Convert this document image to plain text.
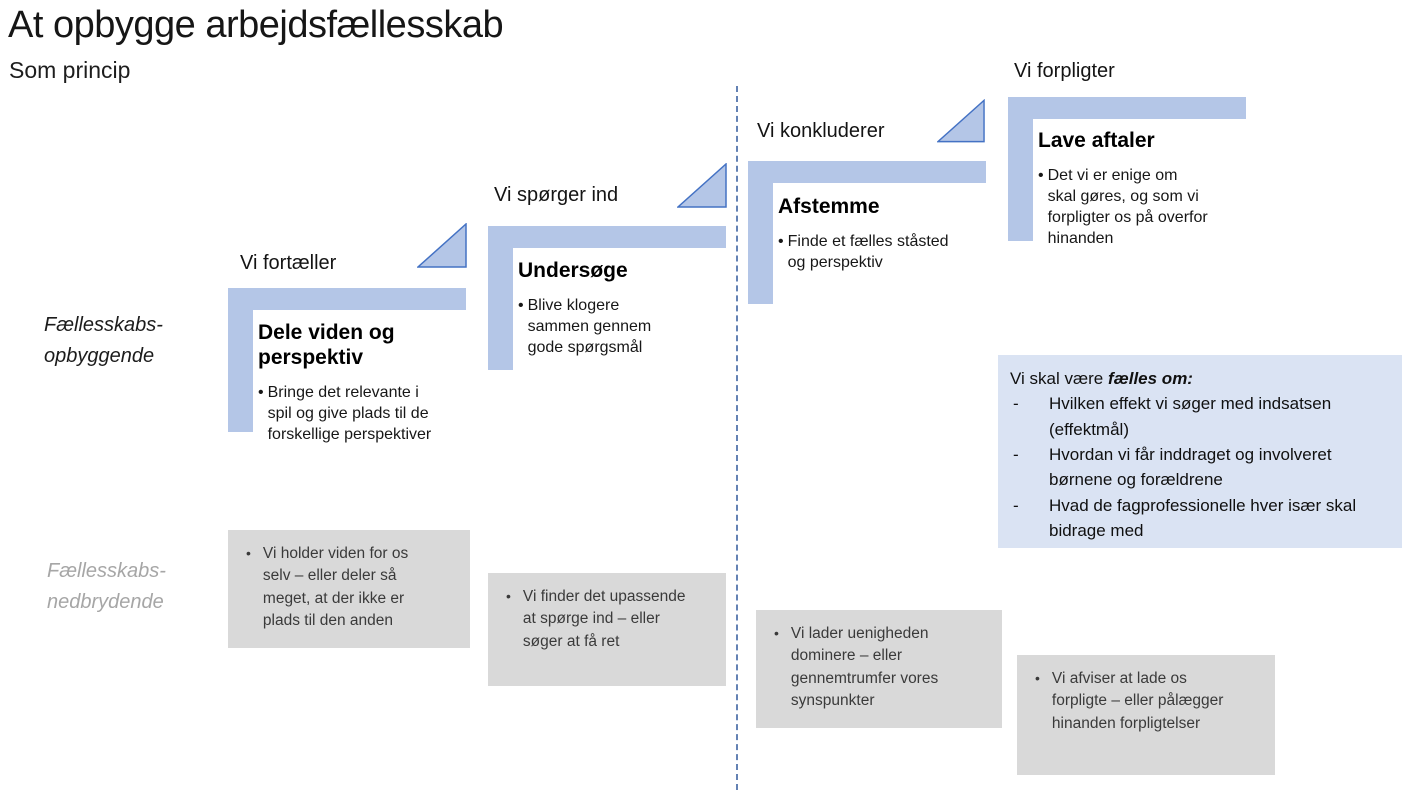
At opbygge arbejdsfællesskab
Som princip
Fællesskabs-
opbyggende
Fællesskabs-
nedbrydende
Vi fortæller
Dele viden og perspektiv
• Bringe det relevante i spil og give plads til de forskellige perspektiver
Vi spørger ind
Undersøge
• Blive klogere sammen gennem gode spørgsmål
Vi konkluderer
Afstemme
• Finde et fælles ståsted og perspektiv
Vi forpligter
Lave aftaler
• Det vi er enige om skal gøres, og som vi forpligter os på overfor hinanden
• Vi holder viden for os selv – eller deler så meget, at der ikke er plads til den anden
• Vi finder det upassende at spørge ind – eller søger at få ret	• Vi lader uenigheden dominere – eller gennemtrumfer vores synspunkter
• Vi afviser at lade os forpligte – eller pålægger hinanden forpligtelser
Vi skal være fælles om:
-	Hvilken effekt vi søger med indsatsen (effektmål)
-	Hvordan vi får inddraget og involveret børnene og forældrene
-	Hvad de fagprofessionelle hver især skal bidrage med
